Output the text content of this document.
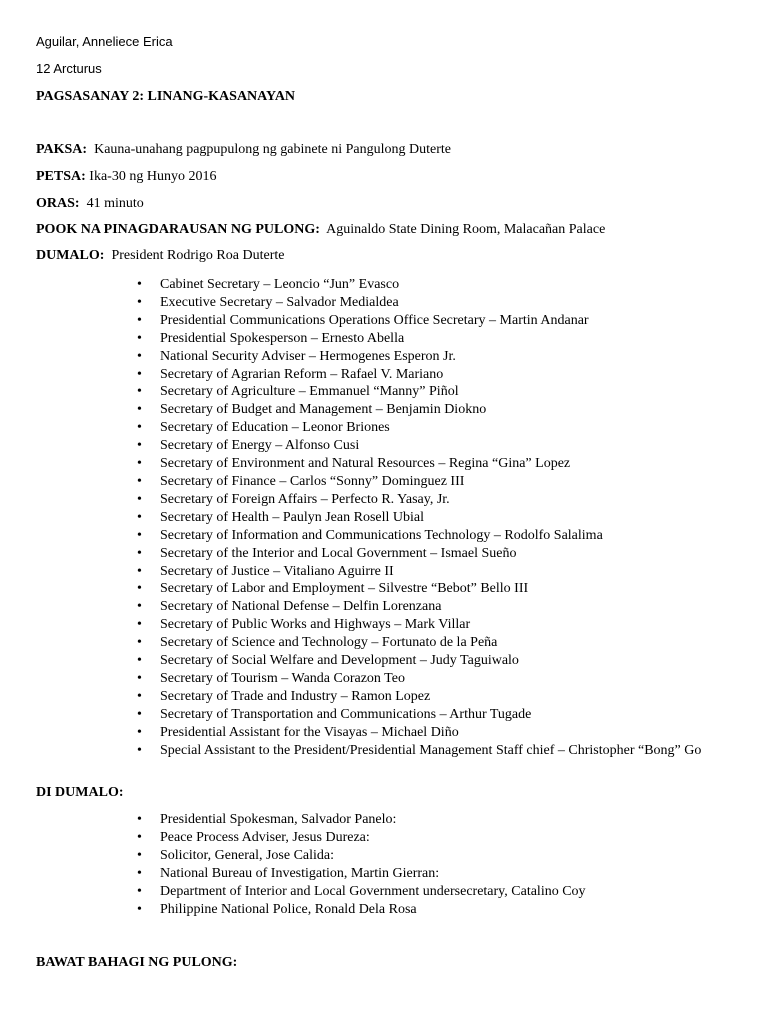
Aguilar, Anneliece Erica
12 Arcturus
PAGSASANAY 2: LINANG-KASANAYAN
PAKSA: Kauna-unahang pagpupulong ng gabinete ni Pangulong Duterte
PETSA: Ika-30 ng Hunyo 2016
ORAS: 41 minuto
POOK NA PINAGDARAUSAN NG PULONG: Aguinaldo State Dining Room, Malacañan Palace
DUMALO: President Rodrigo Roa Duterte
• Cabinet Secretary – Leoncio “Jun” Evasco
• Executive Secretary – Salvador Medialdea
• Presidential Communications Operations Office Secretary – Martin Andanar
• Presidential Spokesperson – Ernesto Abella
• National Security Adviser – Hermogenes Esperon Jr.
• Secretary of Agrarian Reform – Rafael V. Mariano
• Secretary of Agriculture – Emmanuel “Manny” Piñol
• Secretary of Budget and Management – Benjamin Diokno
• Secretary of Education – Leonor Briones
• Secretary of Energy – Alfonso Cusi
• Secretary of Environment and Natural Resources – Regina “Gina” Lopez
• Secretary of Finance – Carlos “Sonny” Dominguez III
• Secretary of Foreign Affairs – Perfecto R. Yasay, Jr.
• Secretary of Health – Paulyn Jean Rosell Ubial
• Secretary of Information and Communications Technology – Rodolfo Salalima
• Secretary of the Interior and Local Government – Ismael Sueño
• Secretary of Justice – Vitaliano Aguirre II
• Secretary of Labor and Employment – Silvestre “Bebot” Bello III
• Secretary of National Defense – Delfin Lorenzana
• Secretary of Public Works and Highways – Mark Villar
• Secretary of Science and Technology – Fortunato de la Peña
• Secretary of Social Welfare and Development – Judy Taguiwalo
• Secretary of Tourism – Wanda Corazon Teo
• Secretary of Trade and Industry – Ramon Lopez
• Secretary of Transportation and Communications – Arthur Tugade
• Presidential Assistant for the Visayas – Michael Diño
• Special Assistant to the President/Presidential Management Staff chief – Christopher “Bong” Go
DI DUMALO:
• Presidential Spokesman, Salvador Panelo:
• Peace Process Adviser, Jesus Dureza:
• Solicitor, General, Jose Calida:
• National Bureau of Investigation, Martin Gierran:
• Department of Interior and Local Government undersecretary, Catalino Coy
• Philippine National Police, Ronald Dela Rosa
BAWAT BAHAGI NG PULONG:
